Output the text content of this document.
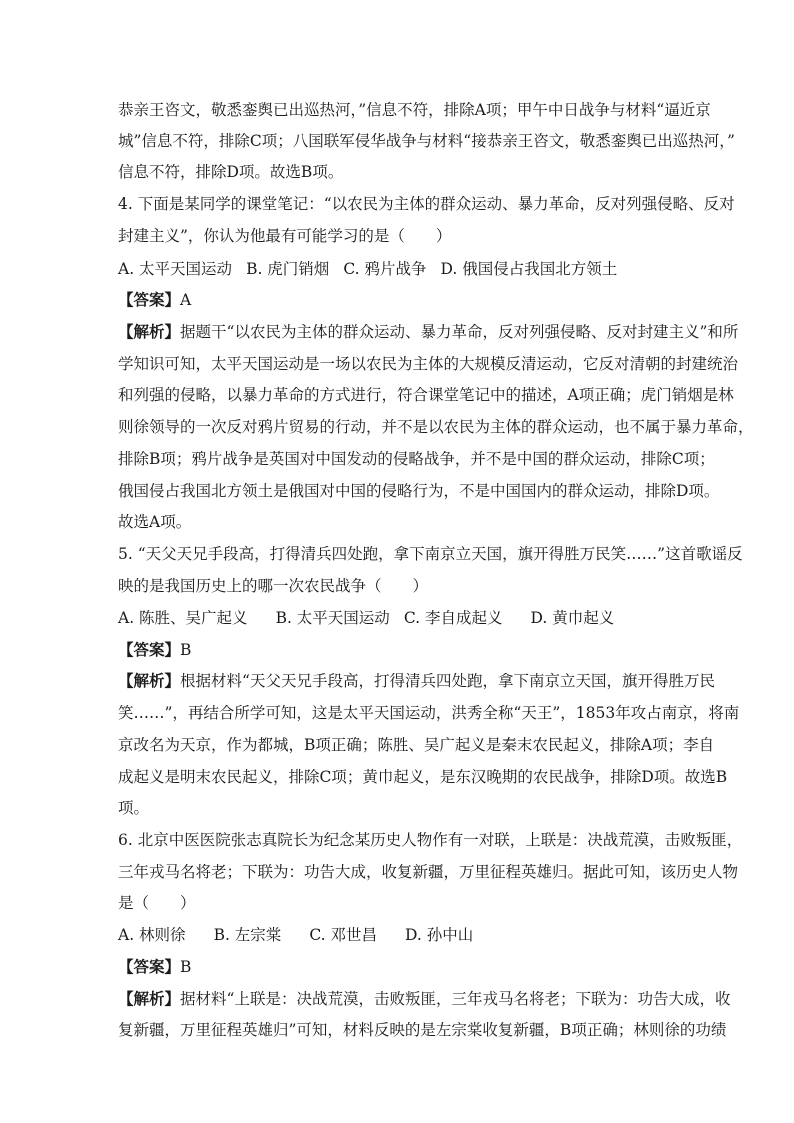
恭亲王咨文，敬悉銮舆已出巡热河，”信息不符，排除A项；甲午中日战争与材料“逼近京
城”信息不符，排除C项；八国联军侵华战争与材料“接恭亲王咨文，敬悉銮舆已出巡热河，”
信息不符，排除D项。故选B项。
4. 下面是某同学的课堂笔记：“以农民为主体的群众运动、暴力革命，反对列强侵略、反对
封建主义”，你认为他最有可能学习的是（　　）
A. 太平天国运动 B. 虎门销烟 C. 鸦片战争 D. 俄国侵占我国北方领土
【答案】A
【解析】据题干“以农民为主体的群众运动、暴力革命，反对列强侵略、反对封建主义”和所
学知识可知，太平天国运动是一场以农民为主体的大规模反清运动，它反对清朝的封建统治
和列强的侵略，以暴力革命的方式进行，符合课堂笔记中的描述，A项正确；虎门销烟是林
则徐领导的一次反对鸦片贸易的行动，并不是以农民为主体的群众运动，也不属于暴力革命，
排除B项；鸦片战争是英国对中国发动的侵略战争，并不是中国的群众运动，排除C项；
俄国侵占我国北方领土是俄国对中国的侵略行为，不是中国国内的群众运动，排除D项。
故选A项。
5. “天父天兄手段高，打得清兵四处跑，拿下南京立天国，旗开得胜万民笑……”这首歌谣反
映的是我国历史上的哪一次农民战争（　　）
A. 陈胜、吴广起义 B. 太平天国运动 C. 李自成起义 D. 黄巾起义
【答案】B
【解析】根据材料“天父天兄手段高，打得清兵四处跑，拿下南京立天国，旗开得胜万民
笑……”，再结合所学可知，这是太平天国运动，洪秀全称“天王”，1853年攻占南京，将南
京改名为天京，作为都城，B项正确；陈胜、吴广起义是秦末农民起义，排除A项；李自
成起义是明末农民起义，排除C项；黄巾起义，是东汉晚期的农民战争，排除D项。故选B
项。
6. 北京中医医院张志真院长为纪念某历史人物作有一对联，上联是：决战荒漠，击败叛匪，
三年戎马名将老；下联为：功告大成，收复新疆，万里征程英雄归。据此可知，该历史人物
是（　　）
A. 林则徐 B. 左宗棠 C. 邓世昌 D. 孙中山
【答案】B
【解析】据材料“上联是：决战荒漠，击败叛匪，三年戎马名将老；下联为：功告大成，收
复新疆，万里征程英雄归”可知，材料反映的是左宗棠收复新疆，B项正确；林则徐的功绩
